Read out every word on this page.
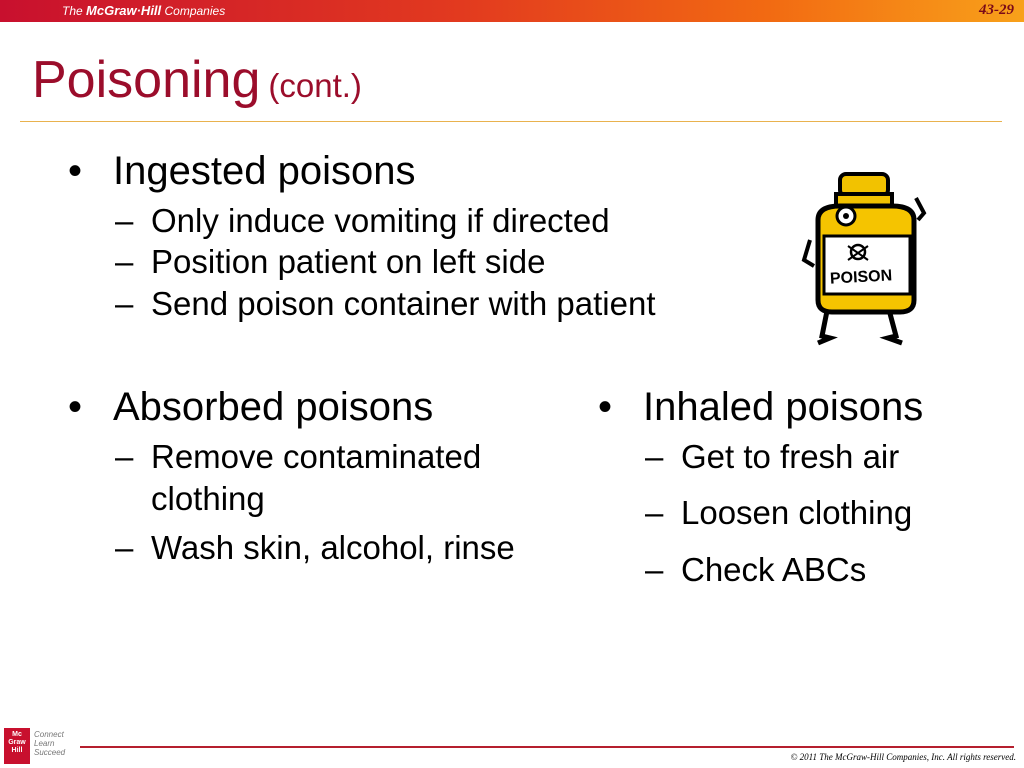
The McGraw·Hill Companies	43-29
Poisoning (cont.)
• Ingested poisons
– Only induce vomiting if directed
– Position patient on left side
– Send poison container with patient
• Absorbed poisons
– Remove contaminated clothing
– Wash skin, alcohol, rinse
• Inhaled poisons
– Get to fresh air
– Loosen clothing
– Check ABCs
POISON
Mc Graw Hill
Connect Learn Succeed	© 2011 The McGraw-Hill Companies, Inc. All rights reserved.
